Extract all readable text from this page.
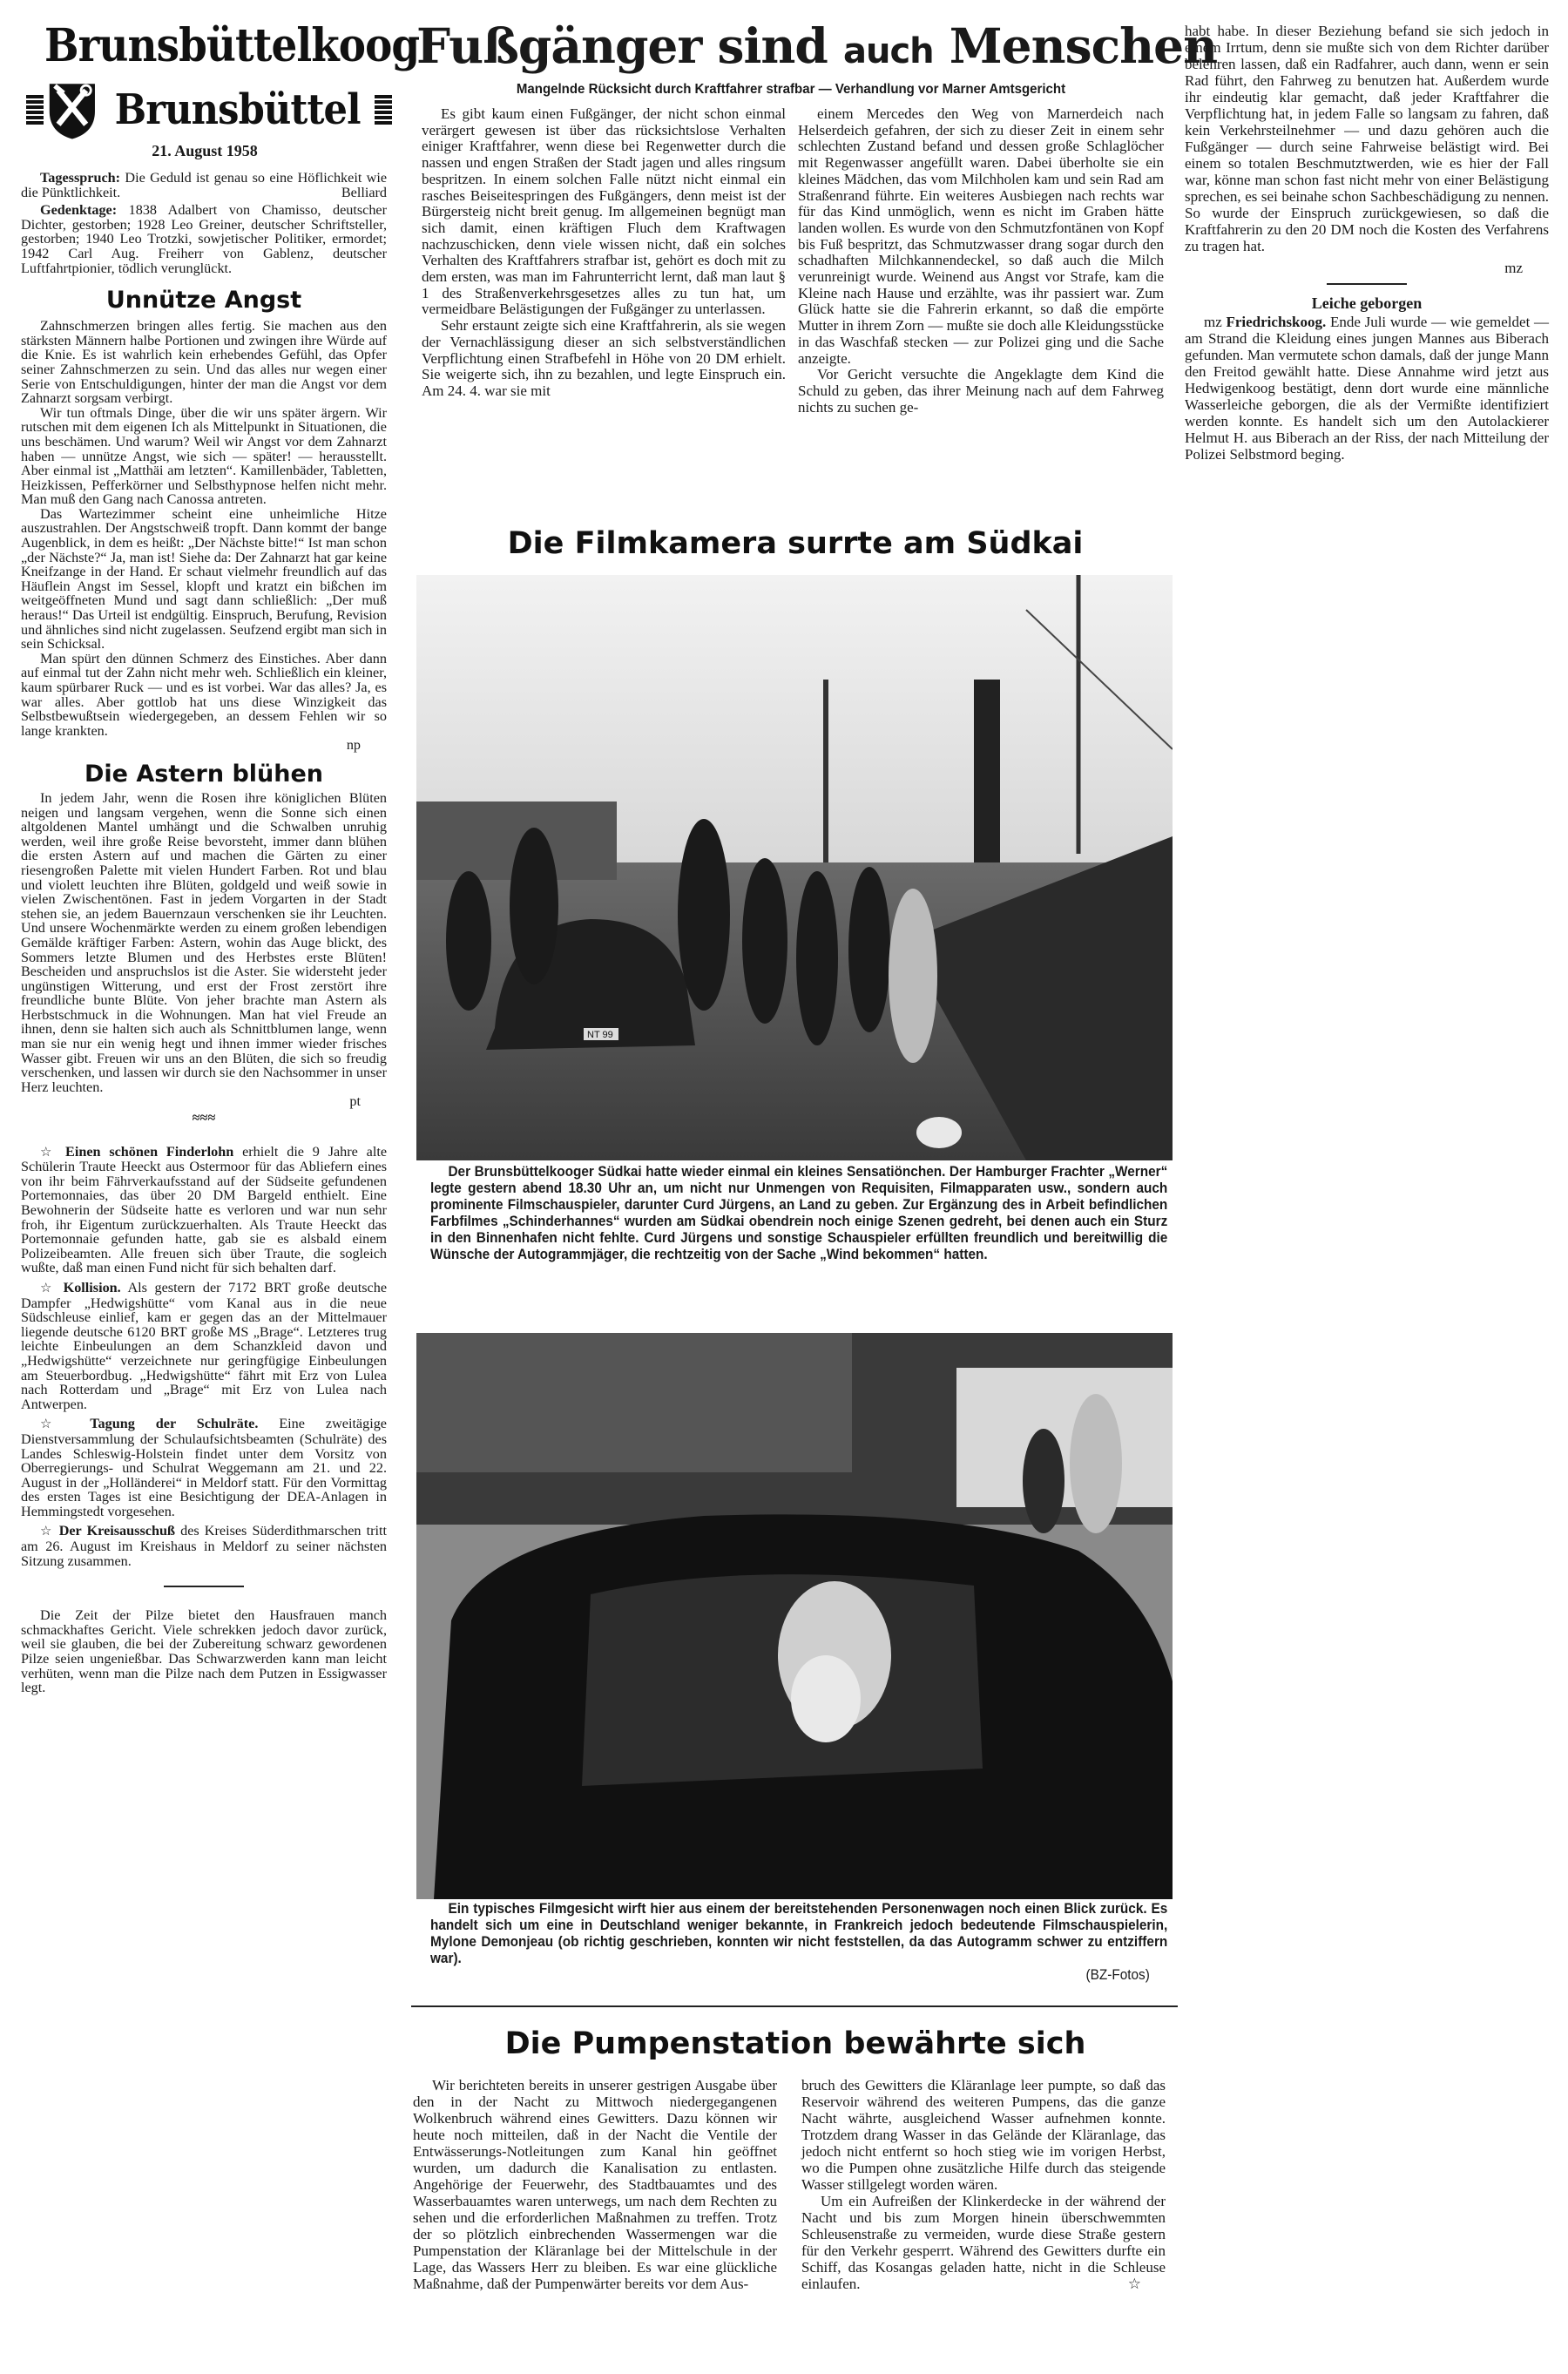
Brunsbüttelkoog
Brunsbüttel
21. August 1958

Tagesspruch: Die Geduld ist genau so eine Höflichkeit wie die Pünktlichkeit.	Belliard

Gedenktage: 1838 Adalbert von Chamisso, deutscher Dichter, gestorben; 1928 Leo Greiner, deutscher Schriftsteller, gestorben; 1940 Leo Trotzki, sowjetischer Politiker, ermordet; 1942 Carl Aug. Freiherr von Gablenz, deutscher Luftfahrtpionier, tödlich verunglückt.

Unnütze Angst

Zahnschmerzen bringen alles fertig. Sie machen aus den stärksten Männern halbe Portionen und zwingen ihre Würde auf die Knie. Es ist wahrlich kein erhebendes Gefühl, das Opfer seiner Zahnschmerzen zu sein. Und das alles nur wegen einer Serie von Entschuldigungen, hinter der man die Angst vor dem Zahnarzt sorgsam verbirgt.

Wir tun oftmals Dinge, über die wir uns später ärgern. Wir rutschen mit dem eigenen Ich als Mittelpunkt in Situationen, die uns beschämen. Und warum? Weil wir Angst vor dem Zahnarzt haben — unnütze Angst, wie sich — später! — herausstellt. Aber einmal ist „Matthäi am letzten“. Kamillenbäder, Tabletten, Heizkissen, Pefferkörner und Selbsthypnose helfen nicht mehr. Man muß den Gang nach Canossa antreten.

Das Wartezimmer scheint eine unheimliche Hitze auszustrahlen. Der Angstschweiß tropft. Dann kommt der bange Augenblick, in dem es heißt: „Der Nächste bitte!“ Ist man schon „der Nächste?“ Ja, man ist! Siehe da: Der Zahnarzt hat gar keine Kneifzange in der Hand. Er schaut vielmehr freundlich auf das Häuflein Angst im Sessel, klopft und kratzt ein bißchen im weitgeöffneten Mund und sagt dann schließlich: „Der muß heraus!“ Das Urteil ist endgültig. Einspruch, Berufung, Revision und ähnliches sind nicht zugelassen. Seufzend ergibt man sich in sein Schicksal.

Man spürt den dünnen Schmerz des Einstiches. Aber dann auf einmal tut der Zahn nicht mehr weh. Schließlich ein kleiner, kaum spürbarer Ruck — und es ist vorbei. War das alles? Ja, es war alles. Aber gottlob hat uns diese Winzigkeit das Selbstbewußtsein wiedergegeben, an dessem Fehlen wir so lange krankten.

np
Die Astern blühen

In jedem Jahr, wenn die Rosen ihre königlichen Blüten neigen und langsam vergehen, wenn die Sonne sich einen altgoldenen Mantel umhängt und die Schwalben unruhig werden, weil ihre große Reise bevorsteht, immer dann blühen die ersten Astern auf und machen die Gärten zu einer riesengroßen Palette mit vielen Hundert Farben. Rot und blau und violett leuchten ihre Blüten, goldgeld und weiß sowie in vielen Zwischentönen. Fast in jedem Vorgarten in der Stadt stehen sie, an jedem Bauernzaun verschenken sie ihr Leuchten. Und unsere Wochenmärkte werden zu einem großen lebendigen Gemälde kräftiger Farben: Astern, wohin das Auge blickt, des Sommers letzte Blumen und des Herbstes erste Blüten! Bescheiden und anspruchslos ist die Aster. Sie widersteht jeder ungünstigen Witterung, und erst der Frost zerstört ihre freundliche bunte Blüte. Von jeher brachte man Astern als Herbstschmuck in die Wohnungen. Man hat viel Freude an ihnen, denn sie halten sich auch als Schnittblumen lange, wenn man sie nur ein wenig hegt und ihnen immer wieder frisches Wasser gibt. Freuen wir uns an den Blüten, die sich so freudig verschenken, und lassen wir durch sie den Nachsommer in unser Herz leuchten.

pt
≈≈≈

☆ Einen schönen Finderlohn erhielt die 9 Jahre alte Schülerin Traute Heeckt aus Ostermoor für das Abliefern eines von ihr beim Fährverkaufsstand auf der Südseite gefundenen Portemonnaies, das über 20 DM Bargeld enthielt. Eine Bewohnerin der Südseite hatte es verloren und war nun sehr froh, ihr Eigentum zurückzuerhalten. Als Traute Heeckt das Portemonnaie gefunden hatte, gab sie es alsbald einem Polizeibeamten. Alle freuen sich über Traute, die sogleich wußte, daß man einen Fund nicht für sich behalten darf.

☆ Kollision. Als gestern der 7172 BRT große deutsche Dampfer „Hedwigshütte“ vom Kanal aus in die neue Südschleuse einlief, kam er gegen das an der Mittelmauer liegende deutsche 6120 BRT große MS „Brage“. Letzteres trug leichte Einbeulungen an dem Schanzkleid davon und „Hedwigshütte“ verzeichnete nur geringfügige Einbeulungen am Steuerbordbug. „Hedwigshütte“ fährt mit Erz von Lulea nach Rotterdam und „Brage“ mit Erz von Lulea nach Antwerpen.

☆ Tagung der Schulräte. Eine zweitägige Dienstversammlung der Schulaufsichtsbeamten (Schulräte) des Landes Schleswig-Holstein findet unter dem Vorsitz von Oberregierungs- und Schulrat Weggemann am 21. und 22. August in der „Holländerei“ in Meldorf statt. Für den Vormittag des ersten Tages ist eine Besichtigung der DEA-Anlagen in Hemmingstedt vorgesehen.

☆ Der Kreisausschuß des Kreises Süderdithmarschen tritt am 26. August im Kreishaus in Meldorf zu seiner nächsten Sitzung zusammen.

Die Zeit der Pilze bietet den Hausfrauen manch schmackhaftes Gericht. Viele schrekken jedoch davor zurück, weil sie glauben, die bei der Zubereitung schwarz gewordenen Pilze seien ungenießbar. Das Schwarzwerden kann man leicht verhüten, wenn man die Pilze nach dem Putzen in Essigwasser legt.

Fußgänger sind auch Menschen
Mangelnde Rücksicht durch Kraftfahrer strafbar — Verhandlung vor Marner Amtsgericht

Es gibt kaum einen Fußgänger, der nicht schon einmal verärgert gewesen ist über das rücksichtslose Verhalten einiger Kraftfahrer, wenn diese bei Regenwetter durch die nassen und engen Straßen der Stadt jagen und alles ringsum bespritzen. In einem solchen Falle nützt nicht einmal ein rasches Beiseitespringen des Fußgängers, denn meist ist der Bürgersteig nicht breit genug. Im allgemeinen begnügt man sich damit, einen kräftigen Fluch dem Kraftwagen nachzuschicken, denn viele wissen nicht, daß ein solches Verhalten des Kraftfahrers strafbar ist, gehört es doch mit zu dem ersten, was man im Fahrunterricht lernt, daß man laut § 1 des Straßenverkehrsgesetzes alles zu tun hat, um vermeidbare Belästigungen der Fußgänger zu unterlassen.

Sehr erstaunt zeigte sich eine Kraftfahrerin, als sie wegen der Vernachlässigung dieser an sich selbstverständlichen Verpflichtung einen Strafbefehl in Höhe von 20 DM erhielt. Sie weigerte sich, ihn zu bezahlen, und legte Einspruch ein. Am 24. 4. war sie mit

einem Mercedes den Weg von Marnerdeich nach Helserdeich gefahren, der sich zu dieser Zeit in einem sehr schlechten Zustand befand und dessen große Schlaglöcher mit Regenwasser angefüllt waren. Dabei überholte sie ein kleines Mädchen, das vom Milchholen kam und sein Rad am Straßenrand führte. Ein weiteres Ausbiegen nach rechts war für das Kind unmöglich, wenn es nicht im Graben hätte landen wollen. Es wurde von den Schmutzfontänen von Kopf bis Fuß bespritzt, das Schmutzwasser drang sogar durch den schadhaften Milchkannendeckel, so daß auch die Milch verunreinigt wurde. Weinend aus Angst vor Strafe, kam die Kleine nach Hause und erzählte, was ihr passiert war. Zum Glück hatte sie die Fahrerin erkannt, so daß die empörte Mutter in ihrem Zorn — mußte sie doch alle Kleidungsstücke in das Waschfaß stecken — zur Polizei ging und die Sache anzeigte.

Vor Gericht versuchte die Angeklagte dem Kind die Schuld zu geben, das ihrer Meinung nach auf dem Fahrweg nichts zu suchen ge-

habt habe. In dieser Beziehung befand sie sich jedoch in einem Irrtum, denn sie mußte sich von dem Richter darüber belehren lassen, daß ein Radfahrer, auch dann, wenn er sein Rad führt, den Fahrweg zu benutzen hat. Außerdem wurde ihr eindeutig klar gemacht, daß jeder Kraftfahrer die Verpflichtung hat, in jedem Falle so langsam zu fahren, daß kein Verkehrsteilnehmer — und dazu gehören auch die Fußgänger — durch seine Fahrweise belästigt wird. Bei einem so totalen Beschmutztwerden, wie es hier der Fall war, könne man schon fast nicht mehr von einer Belästigung sprechen, es sei beinahe schon Sachbeschädigung zu nennen. So wurde der Einspruch zurückgewiesen, so daß die Kraftfahrerin zu den 20 DM noch die Kosten des Verfahrens zu tragen hat.

mz
Leiche geborgen

mz Friedrichskoog. Ende Juli wurde — wie gemeldet — am Strand die Kleidung eines jungen Mannes aus Biberach gefunden. Man vermutete schon damals, daß der junge Mann den Freitod gewählt hatte. Diese Annahme wird jetzt aus Hedwigenkoog bestätigt, denn dort wurde eine männliche Wasserleiche geborgen, die als der Vermißte identifiziert werden konnte. Es handelt sich um den Autolackierer Helmut H. aus Biberach an der Riss, der nach Mitteilung der Polizei Selbstmord beging.

Die Filmkamera surrte am Südkai
NT 99

Der Brunsbüttelkooger Südkai hatte wieder einmal ein kleines Sensatiönchen. Der Hamburger Frachter „Werner“ legte gestern abend 18.30 Uhr an, um nicht nur Unmengen von Requisiten, Filmapparaten usw., sondern auch prominente Filmschauspieler, darunter Curd Jürgens, an Land zu geben. Zur Ergänzung des in Arbeit befindlichen Farbfilmes „Schinderhannes“ wurden am Südkai obendrein noch einige Szenen gedreht, bei denen auch ein Sturz in den Binnenhafen nicht fehlte. Curd Jürgens und sonstige Schauspieler erfüllten freundlich und bereitwillig die Wünsche der Autogrammjäger, die rechtzeitig von der Sache „Wind bekommen“ hatten.

Ein typisches Filmgesicht wirft hier aus einem der bereitstehenden Personenwagen noch einen Blick zurück. Es handelt sich um eine in Deutschland weniger bekannte, in Frankreich jedoch bedeutende Filmschauspielerin, Mylone Demonjeau (ob richtig geschrieben, konnten wir nicht feststellen, da das Autogramm schwer zu entziffern war).

(BZ-Fotos)
Die Pumpenstation bewährte sich

Wir berichteten bereits in unserer gestrigen Ausgabe über den in der Nacht zu Mittwoch niedergegangenen Wolkenbruch während eines Gewitters. Dazu können wir heute noch mitteilen, daß in der Nacht die Ventile der Entwässerungs-Notleitungen zum Kanal hin geöffnet wurden, um dadurch die Kanalisation zu entlasten. Angehörige der Feuerwehr, des Stadtbauamtes und des Wasserbauamtes waren unterwegs, um nach dem Rechten zu sehen und die erforderlichen Maßnahmen zu treffen. Trotz der so plötzlich einbrechenden Wassermengen war die Pumpenstation der Kläranlage bei der Mittelschule in der Lage, das Wassers Herr zu bleiben. Es war eine glückliche Maßnahme, daß der Pumpenwärter bereits vor dem Aus-

bruch des Gewitters die Kläranlage leer pumpte, so daß das Reservoir während des weiteren Pumpens, das die ganze Nacht währte, ausgleichend Wasser aufnehmen konnte. Trotzdem drang Wasser in das Gelände der Kläranlage, das jedoch nicht entfernt so hoch stieg wie im vorigen Herbst, wo die Pumpen ohne zusätzliche Hilfe durch das steigende Wasser stillgelegt worden wären.

Um ein Aufreißen der Klinkerdecke in der während der Nacht und bis zum Morgen hinein überschwemmten Schleusenstraße zu vermeiden, wurde diese Straße gestern für den Verkehr gesperrt. Während des Gewitters durfte ein Schiff, das Kosangas geladen hatte, nicht in die Schleuse einlaufen.	☆
